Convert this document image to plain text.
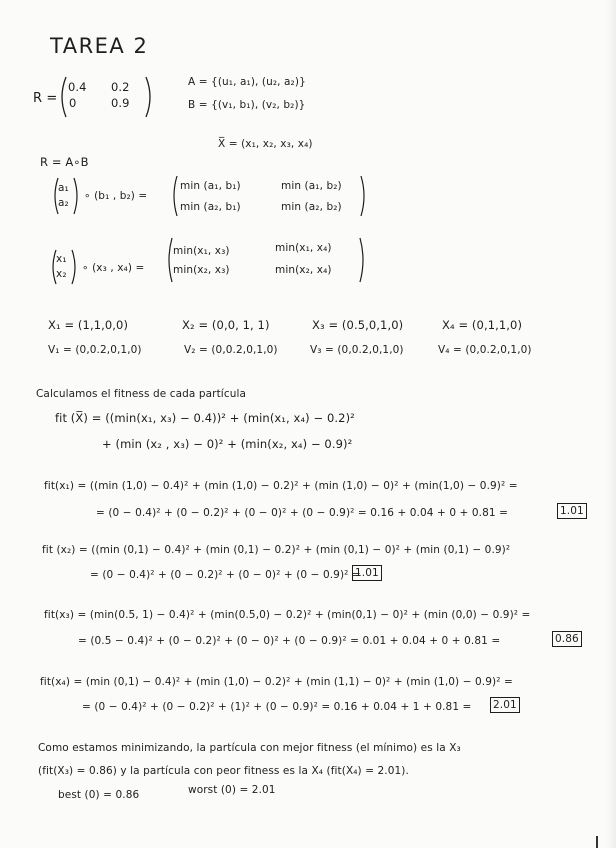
TAREA 2
R =
0.4 0.2
0	0.9
A = {(u₁, a₁), (u₂, a₂)}
B = {(v₁, b₁), (v₂, b₂)}
X̅ = (x₁, x₂, x₃, x₄)
R = A∘B
a₁
a₂
∘ (b₁ , b₂) =
min (a₁, b₁)	min (a₁, b₂)
min (a₂, b₁)	min (a₂, b₂)
x₁
x₂ ∘ (x₃ , x₄) =
min(x₁, x₃)	min(x₁, x₄)
min(x₂, x₃)	min(x₂, x₄)
X₁ = (1,1,0,0)
V₁ = (0,0.2,0,1,0)
X₂ = (0,0, 1, 1)
V₂ = (0,0.2,0,1,0)
X₃ = (0.5,0,1,0)
V₃ = (0,0.2,0,1,0)
X₄ = (0,1,1,0)
V₄ = (0,0.2,0,1,0)
Calculamos el fitness de cada partícula
fit (X̅) = ((min(x₁, x₃) − 0.4))² + (min(x₁, x₄) − 0.2)²
+ (min (x₂ , x₃) − 0)² + (min(x₂, x₄) − 0.9)²
fit(x₁) = ((min (1,0) − 0.4)² + (min (1,0) − 0.2)² + (min (1,0) − 0)² + (min(1,0) − 0.9)² =
= (0 − 0.4)² + (0 − 0.2)² + (0 − 0)² + (0 − 0.9)² = 0.16 + 0.04 + 0 + 0.81 =	1.01
fit (x₂) = ((min (0,1) − 0.4)² + (min (0,1) − 0.2)² + (min (0,1) − 0)² + (min (0,1) − 0.9)²
= (0 − 0.4)² + (0 − 0.2)² + (0 − 0)² + (0 − 0.9)² =
1.01
fit(x₃) = (min(0.5, 1) − 0.4)² + (min(0.5,0) − 0.2)² + (min(0,1) − 0)² + (min (0,0) − 0.9)² =
= (0.5 − 0.4)² + (0 − 0.2)² + (0 − 0)² + (0 − 0.9)² = 0.01 + 0.04 + 0 + 0.81 =	0.86
fit(x₄) = (min (0,1) − 0.4)² + (min (1,0) − 0.2)² + (min (1,1) − 0)² + (min (1,0) − 0.9)² =
= (0 − 0.4)² + (0 − 0.2)² + (1)² + (0 − 0.9)² = 0.16 + 0.04 + 1 + 0.81 = 2.01
Como estamos minimizando, la partícula con mejor fitness (el mínimo) es la X₃
(fit(X₃) = 0.86) y la partícula con peor fitness es la X₄ (fit(X₄) = 2.01).
best (0) = 0.86	worst (0) = 2.01
